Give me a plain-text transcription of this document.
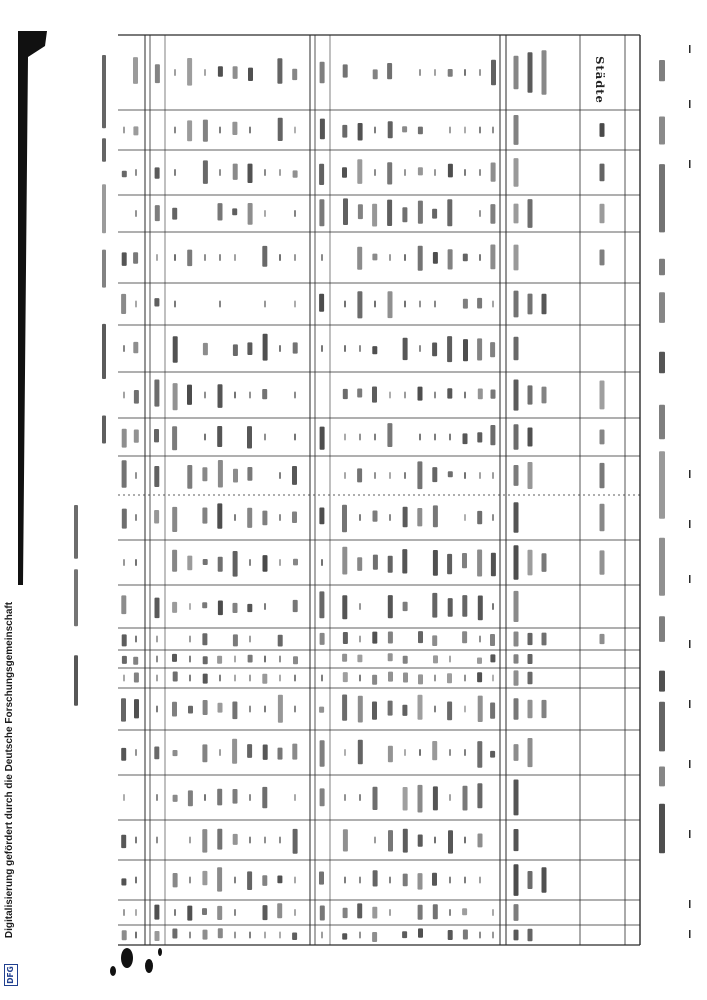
Städte
Digitalisierung gefördert durch die Deutsche Forschungsgemeinschaft
DFG
